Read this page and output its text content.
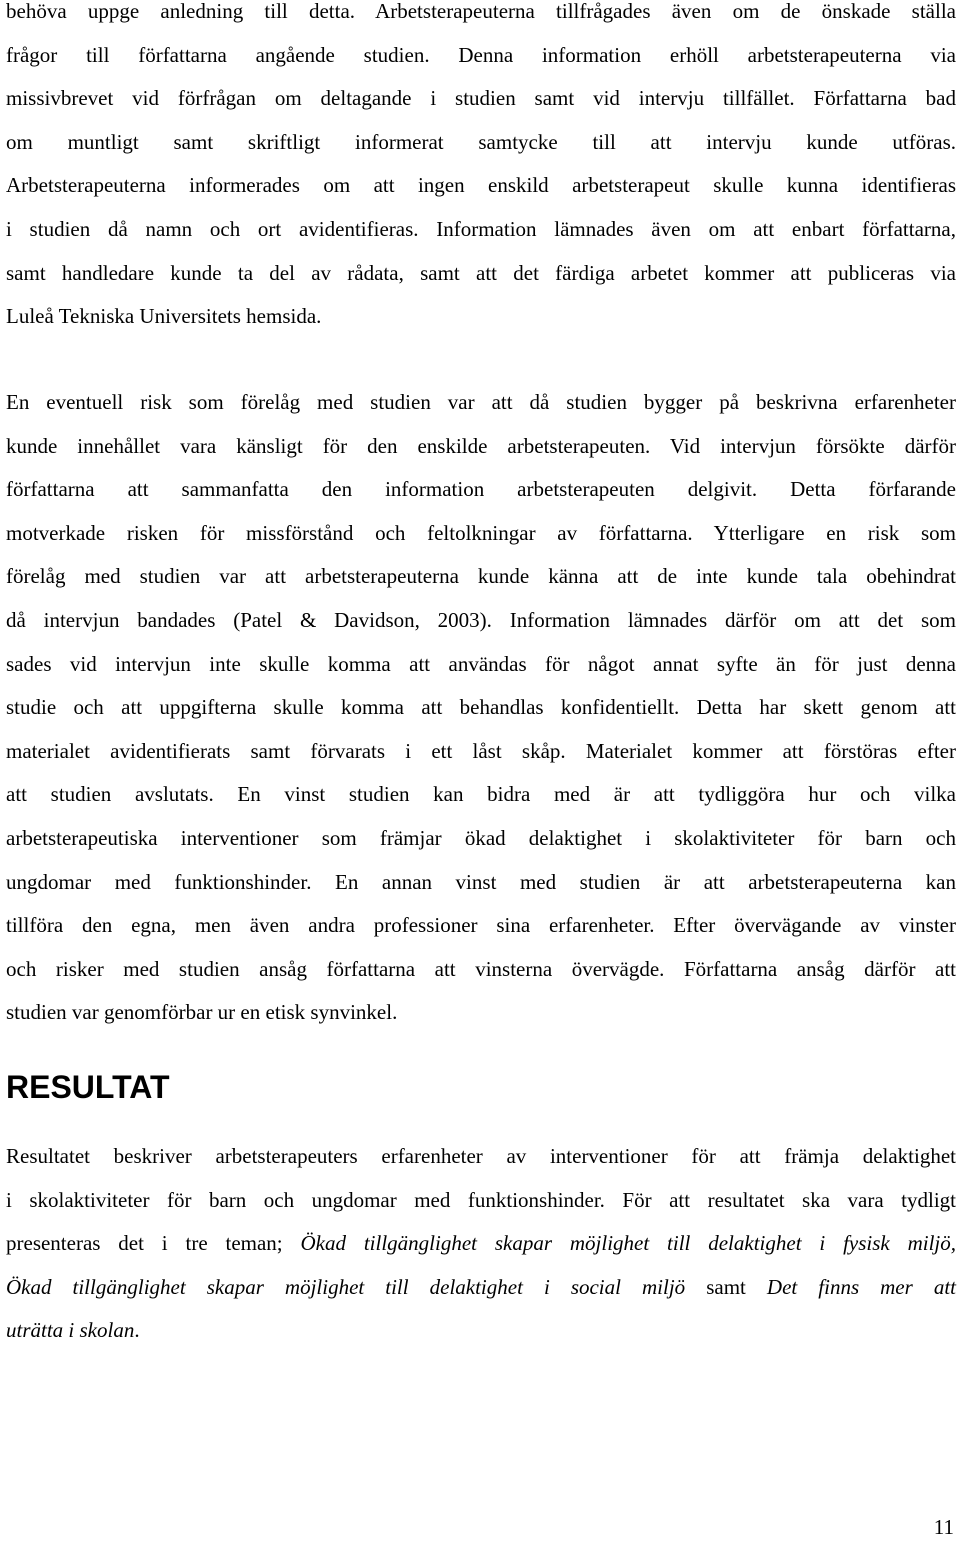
behöva uppge anledning till detta. Arbetsterapeuterna tillfrågades även om de önskade ställa
frågor till författarna angående studien. Denna information erhöll arbetsterapeuterna via
missivbrevet vid förfrågan om deltagande i studien samt vid intervju tillfället. Författarna bad
om muntligt samt skriftligt informerat samtycke till att intervju kunde utföras.
Arbetsterapeuterna informerades om att ingen enskild arbetsterapeut skulle kunna identifieras
i studien då namn och ort avidentifieras. Information lämnades även om att enbart författarna,
samt handledare kunde ta del av rådata, samt att det färdiga arbetet kommer att publiceras via
Luleå Tekniska Universitets hemsida.
En eventuell risk som förelåg med studien var att då studien bygger på beskrivna erfarenheter
kunde innehållet vara känsligt för den enskilde arbetsterapeuten. Vid intervjun försökte därför
författarna att sammanfatta den information arbetsterapeuten delgivit. Detta förfarande
motverkade risken för missförstånd och feltolkningar av författarna. Ytterligare en risk som
förelåg med studien var att arbetsterapeuterna kunde känna att de inte kunde tala obehindrat
då intervjun bandades (Patel & Davidson, 2003). Information lämnades därför om att det som
sades vid intervjun inte skulle komma att användas för något annat syfte än för just denna
studie och att uppgifterna skulle komma att behandlas konfidentiellt. Detta har skett genom att
materialet avidentifierats samt förvarats i ett låst skåp. Materialet kommer att förstöras efter
att studien avslutats. En vinst studien kan bidra med är att tydliggöra hur och vilka
arbetsterapeutiska interventioner som främjar ökad delaktighet i skolaktiviteter för barn och
ungdomar med funktionshinder. En annan vinst med studien är att arbetsterapeuterna kan
tillföra den egna, men även andra professioner sina erfarenheter. Efter övervägande av vinster
och risker med studien ansåg författarna att vinsterna övervägde. Författarna ansåg därför att
studien var genomförbar ur en etisk synvinkel.
RESULTAT
Resultatet beskriver arbetsterapeuters erfarenheter av interventioner för att främja delaktighet
i skolaktiviteter för barn och ungdomar med funktionshinder. För att resultatet ska vara tydligt
presenteras det i tre teman; Ökad tillgänglighet skapar möjlighet till delaktighet i fysisk miljö,
Ökad tillgänglighet skapar möjlighet till delaktighet i social miljö samt Det finns mer att
uträtta i skolan.
11
